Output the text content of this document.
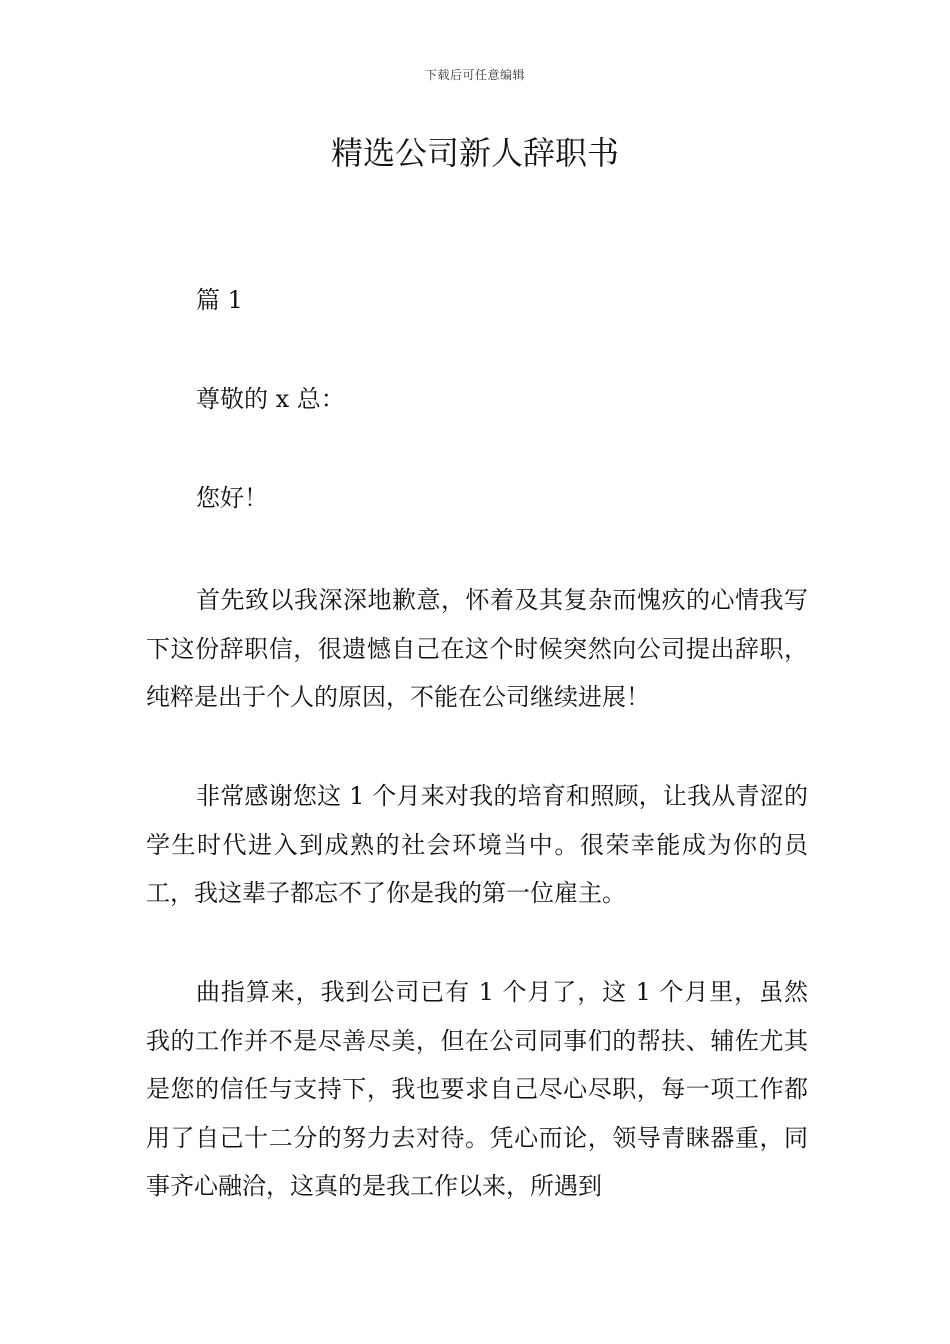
下载后可任意编辑
精选公司新人辞职书
篇 1
尊敬的 x 总：
您好！

首先致以我深深地歉意，怀着及其复杂而愧疚的心情我写下这份辞职信，很遗憾自己在这个时候突然向公司提出辞职，纯粹是出于个人的原因，不能在公司继续进展！

非常感谢您这 1 个月来对我的培育和照顾，让我从青涩的学生时代进入到成熟的社会环境当中。很荣幸能成为你的员工，我这辈子都忘不了你是我的第一位雇主。

曲指算来，我到公司已有 1 个月了，这 1 个月里，虽然我的工作并不是尽善尽美，但在公司同事们的帮扶、辅佐尤其是您的信任与支持下，我也要求自己尽心尽职，每一项工作都用了自己十二分的努力去对待。凭心而论，领导青睐器重，同事齐心融洽，这真的是我工作以来，所遇到
